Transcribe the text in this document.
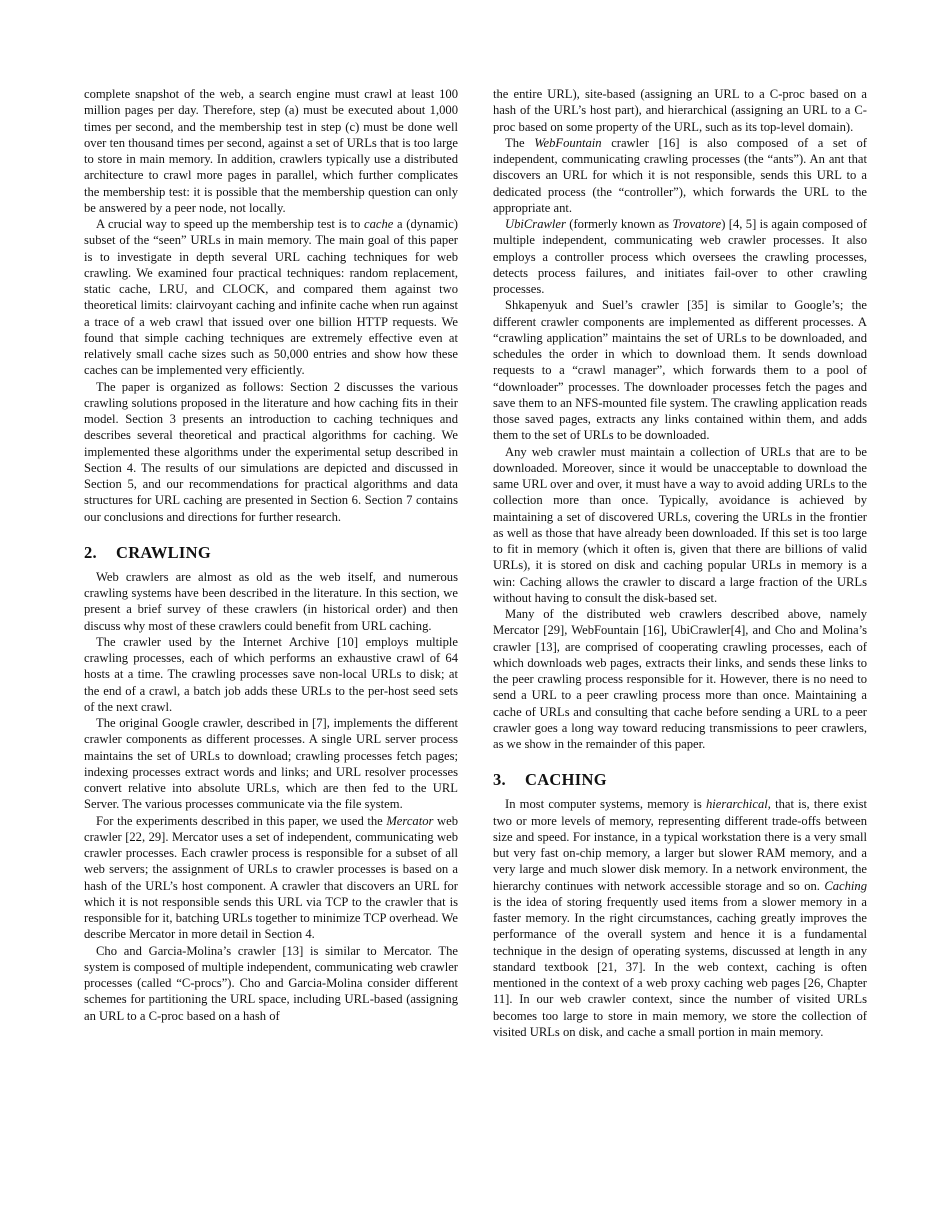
complete snapshot of the web, a search engine must crawl at least 100 million pages per day. Therefore, step (a) must be executed about 1,000 times per second, and the membership test in step (c) must be done well over ten thousand times per second, against a set of URLs that is too large to store in main memory. In addition, crawlers typically use a distributed architecture to crawl more pages in parallel, which further complicates the membership test: it is possible that the membership question can only be answered by a peer node, not locally.

A crucial way to speed up the membership test is to cache a (dynamic) subset of the “seen” URLs in main memory. The main goal of this paper is to investigate in depth several URL caching techniques for web crawling. We examined four practical techniques: random replacement, static cache, LRU, and CLOCK, and compared them against two theoretical limits: clairvoyant caching and infinite cache when run against a trace of a web crawl that issued over one billion HTTP requests. We found that simple caching techniques are extremely effective even at relatively small cache sizes such as 50,000 entries and show how these caches can be implemented very efficiently.

The paper is organized as follows: Section 2 discusses the various crawling solutions proposed in the literature and how caching fits in their model. Section 3 presents an introduction to caching techniques and describes several theoretical and practical algorithms for caching. We implemented these algorithms under the experimental setup described in Section 4. The results of our simulations are depicted and discussed in Section 5, and our recommendations for practical algorithms and data structures for URL caching are presented in Section 6. Section 7 contains our conclusions and directions for further research.

2. CRAWLING

Web crawlers are almost as old as the web itself, and numerous crawling systems have been described in the literature. In this section, we present a brief survey of these crawlers (in historical order) and then discuss why most of these crawlers could benefit from URL caching.

The crawler used by the Internet Archive [10] employs multiple crawling processes, each of which performs an exhaustive crawl of 64 hosts at a time. The crawling processes save non-local URLs to disk; at the end of a crawl, a batch job adds these URLs to the per-host seed sets of the next crawl.

The original Google crawler, described in [7], implements the different crawler components as different processes. A single URL server process maintains the set of URLs to download; crawling processes fetch pages; indexing processes extract words and links; and URL resolver processes convert relative into absolute URLs, which are then fed to the URL Server. The various processes communicate via the file system.

For the experiments described in this paper, we used the Mercator web crawler [22, 29]. Mercator uses a set of independent, communicating web crawler processes. Each crawler process is responsible for a subset of all web servers; the assignment of URLs to crawler processes is based on a hash of the URL’s host component. A crawler that discovers an URL for which it is not responsible sends this URL via TCP to the crawler that is responsible for it, batching URLs together to minimize TCP overhead. We describe Mercator in more detail in Section 4.

Cho and Garcia-Molina’s crawler [13] is similar to Mercator. The system is composed of multiple independent, communicating web crawler processes (called “C-procs”). Cho and Garcia-Molina consider different schemes for partitioning the URL space, including URL-based (assigning an URL to a C-proc based on a hash of

the entire URL), site-based (assigning an URL to a C-proc based on a hash of the URL’s host part), and hierarchical (assigning an URL to a C-proc based on some property of the URL, such as its top-level domain).

The WebFountain crawler [16] is also composed of a set of independent, communicating crawling processes (the “ants”). An ant that discovers an URL for which it is not responsible, sends this URL to a dedicated process (the “controller”), which forwards the URL to the appropriate ant.

UbiCrawler (formerly known as Trovatore) [4, 5] is again composed of multiple independent, communicating web crawler processes. It also employs a controller process which oversees the crawling processes, detects process failures, and initiates fail-over to other crawling processes.

Shkapenyuk and Suel’s crawler [35] is similar to Google’s; the different crawler components are implemented as different processes. A “crawling application” maintains the set of URLs to be downloaded, and schedules the order in which to download them. It sends download requests to a “crawl manager”, which forwards them to a pool of “downloader” processes. The downloader processes fetch the pages and save them to an NFS-mounted file system. The crawling application reads those saved pages, extracts any links contained within them, and adds them to the set of URLs to be downloaded.

Any web crawler must maintain a collection of URLs that are to be downloaded. Moreover, since it would be unacceptable to download the same URL over and over, it must have a way to avoid adding URLs to the collection more than once. Typically, avoidance is achieved by maintaining a set of discovered URLs, covering the URLs in the frontier as well as those that have already been downloaded. If this set is too large to fit in memory (which it often is, given that there are billions of valid URLs), it is stored on disk and caching popular URLs in memory is a win: Caching allows the crawler to discard a large fraction of the URLs without having to consult the disk-based set.

Many of the distributed web crawlers described above, namely Mercator [29], WebFountain [16], UbiCrawler[4], and Cho and Molina’s crawler [13], are comprised of cooperating crawling processes, each of which downloads web pages, extracts their links, and sends these links to the peer crawling process responsible for it. However, there is no need to send a URL to a peer crawling process more than once. Maintaining a cache of URLs and consulting that cache before sending a URL to a peer crawler goes a long way toward reducing transmissions to peer crawlers, as we show in the remainder of this paper.

3. CACHING

In most computer systems, memory is hierarchical, that is, there exist two or more levels of memory, representing different trade-offs between size and speed. For instance, in a typical workstation there is a very small but very fast on-chip memory, a larger but slower RAM memory, and a very large and much slower disk memory. In a network environment, the hierarchy continues with network accessible storage and so on. Caching is the idea of storing frequently used items from a slower memory in a faster memory. In the right circumstances, caching greatly improves the performance of the overall system and hence it is a fundamental technique in the design of operating systems, discussed at length in any standard textbook [21, 37]. In the web context, caching is often mentioned in the context of a web proxy caching web pages [26, Chapter 11]. In our web crawler context, since the number of visited URLs becomes too large to store in main memory, we store the collection of visited URLs on disk, and cache a small portion in main memory.
